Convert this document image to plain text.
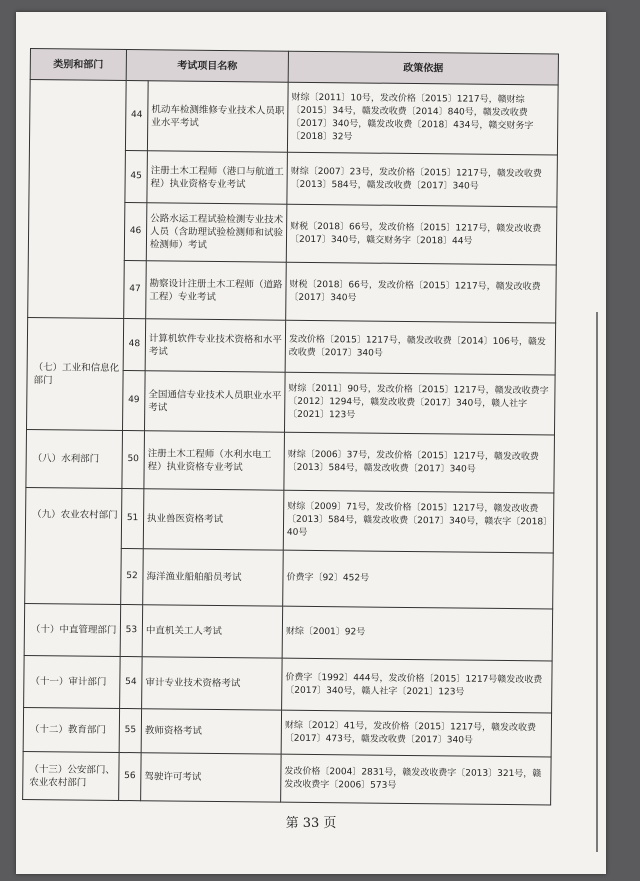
类别和部门	考试项目名称		政策依据
	44	机动车检测维修专业技术人员职业水平考试	财综〔2011〕10号，发改价格〔2015〕1217号，赣财综〔2015〕34号，赣发改收费〔2014〕840号，赣发改收费〔2017〕340号，赣发改收费〔2018〕434号，赣交财务字〔2018〕32号
	45	注册土木工程师（港口与航道工程）执业资格专业考试	财综〔2007〕23号，发改价格〔2015〕1217号，赣发改收费〔2013〕584号，赣发改收费〔2017〕340号
	46	公路水运工程试验检测专业技术人员（含助理试验检测师和试验检测师）考试	财税〔2018〕66号，发改价格〔2015〕1217号，赣发改收费〔2017〕340号，赣交财务字〔2018〕44号
	47	勘察设计注册土木工程师（道路工程）专业考试	财税〔2018〕66号，发改价格〔2015〕1217号，赣发改收费〔2017〕340号
（七）工业和信息化部门	48	计算机软件专业技术资格和水平考试	发改价格〔2015〕1217号，赣发改收费〔2014〕106号，赣发改收费〔2017〕340号
	49	全国通信专业技术人员职业水平考试	财综〔2011〕90号，发改价格〔2015〕1217号，赣发改收费字〔2012〕1294号，赣发改收费〔2017〕340号，赣人社字〔2021〕123号
（八）水利部门	50	注册土木工程师（水利水电工程）执业资格专业考试	财综〔2006〕37号，发改价格〔2015〕1217号，赣发改收费〔2013〕584号，赣发改收费〔2017〕340号
（九）农业农村部门	51	执业兽医资格考试	财综〔2009〕71号，发改价格〔2015〕1217号，赣发改收费〔2013〕584号，赣发改收费〔2017〕340号，赣农字〔2018〕40号
	52	海洋渔业船舶船员考试	价费字〔92〕452号
（十）中直管理部门	53	中直机关工人考试	财综〔2001〕92号
（十一）审计部门	54	审计专业技术资格考试	价费字〔1992〕444号，发改价格〔2015〕1217号赣发改收费〔2017〕340号，赣人社字〔2021〕123号
（十二）教育部门	55	教师资格考试	财综〔2012〕41号，发改价格〔2015〕1217号，赣发改收费〔2017〕473号，赣发改收费〔2017〕340号
（十三）公安部门、农业农村部门	56	驾驶许可考试	发改价格〔2004〕2831号，赣发改收费字〔2013〕321号，赣发改收费字〔2006〕573号
第 33 页
